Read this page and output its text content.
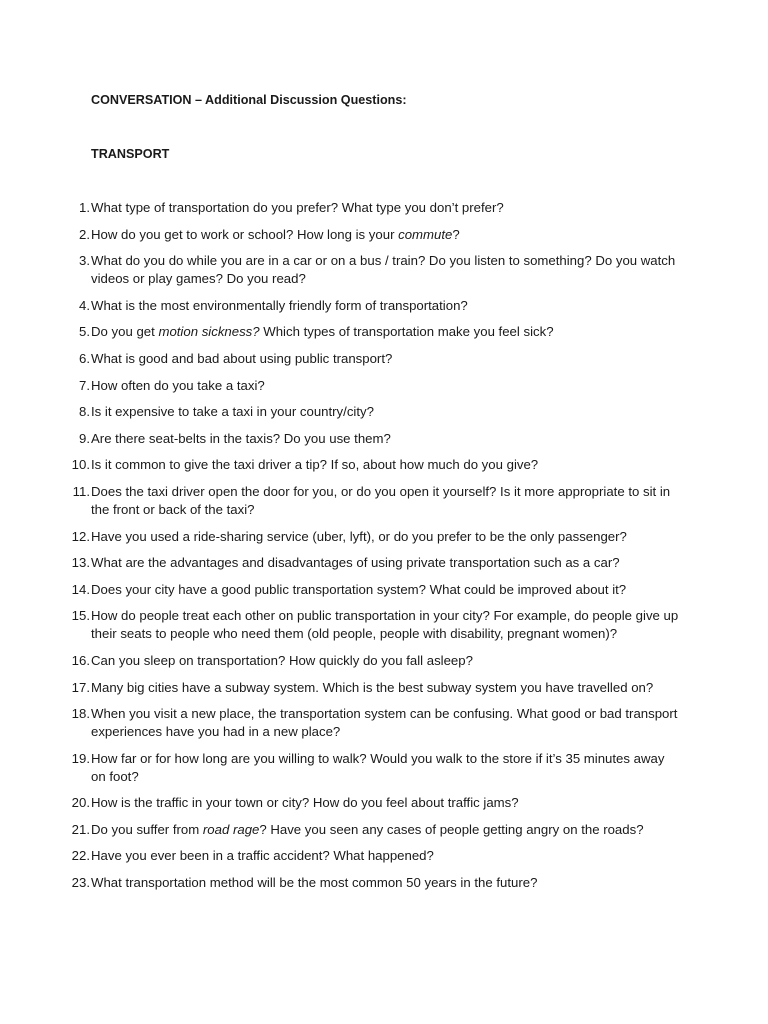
CONVERSATION – Additional Discussion Questions:
TRANSPORT
1. What type of transportation do you prefer? What type you don’t prefer?
2. How do you get to work or school? How long is your commute?
3. What do you do while you are in a car or on a bus / train? Do you listen to something? Do you watch videos or play games? Do you read?
4. What is the most environmentally friendly form of transportation?
5. Do you get motion sickness? Which types of transportation make you feel sick?
6. What is good and bad about using public transport?
7. How often do you take a taxi?
8. Is it expensive to take a taxi in your country/city?
9. Are there seat-belts in the taxis? Do you use them?
10. Is it common to give the taxi driver a tip? If so, about how much do you give?
11. Does the taxi driver open the door for you, or do you open it yourself? Is it more appropriate to sit in the front or back of the taxi?
12. Have you used a ride-sharing service (uber, lyft), or do you prefer to be the only passenger?
13. What are the advantages and disadvantages of using private transportation such as a car?
14. Does your city have a good public transportation system? What could be improved about it?
15. How do people treat each other on public transportation in your city? For example, do people give up their seats to people who need them (old people, people with disability, pregnant women)?
16. Can you sleep on transportation? How quickly do you fall asleep?
17. Many big cities have a subway system. Which is the best subway system you have travelled on?
18. When you visit a new place, the transportation system can be confusing. What good or bad transport experiences have you had in a new place?
19. How far or for how long are you willing to walk? Would you walk to the store if it’s 35 minutes away on foot?
20. How is the traffic in your town or city? How do you feel about traffic jams?
21. Do you suffer from road rage? Have you seen any cases of people getting angry on the roads?
22. Have you ever been in a traffic accident? What happened?
23. What transportation method will be the most common 50 years in the future?
